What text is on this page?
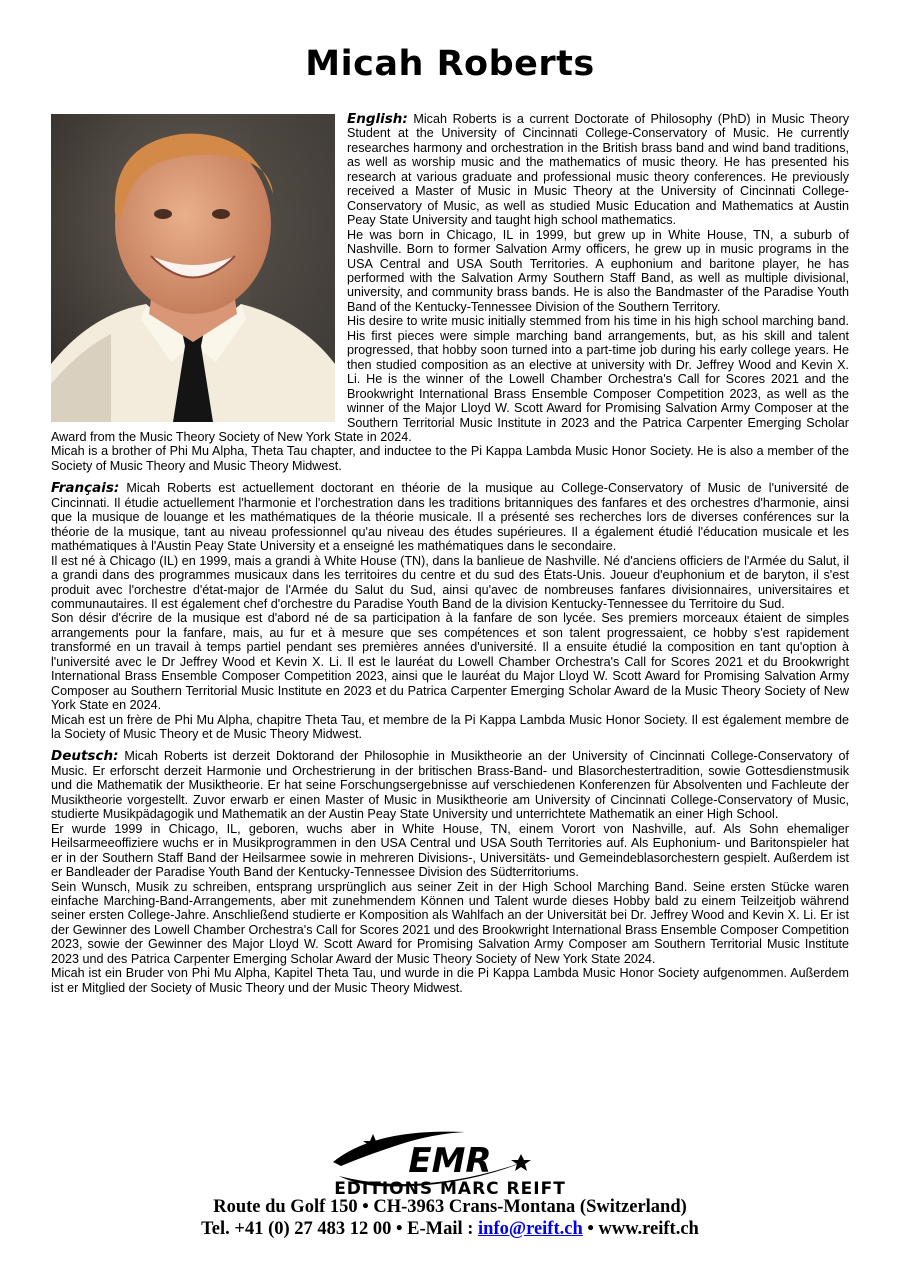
Micah Roberts

English: Micah Roberts is a current Doctorate of Philosophy (PhD) in Music Theory Student at the University of Cincinnati College-Conservatory of Music. He currently researches harmony and orchestration in the British brass band and wind band traditions, as well as worship music and the mathematics of music theory. He has presented his research at various graduate and professional music theory conferences. He previously received a Master of Music in Music Theory at the University of Cincinnati College-Conservatory of Music, as well as studied Music Education and Mathematics at Austin Peay State University and taught high school mathematics.

He was born in Chicago, IL in 1999, but grew up in White House, TN, a suburb of Nashville. Born to former Salvation Army officers, he grew up in music programs in the USA Central and USA South Territories. A euphonium and baritone player, he has performed with the Salvation Army Southern Staff Band, as well as multiple divisional, university, and community brass bands. He is also the Bandmaster of the Paradise Youth Band of the Kentucky-Tennessee Division of the Southern Territory.

His desire to write music initially stemmed from his time in his high school marching band. His first pieces were simple marching band arrangements, but, as his skill and talent progressed, that hobby soon turned into a part-time job during his early college years. He then studied composition as an elective at university with Dr. Jeffrey Wood and Kevin X. Li. He is the winner of the Lowell Chamber Orchestra's Call for Scores 2021 and the Brookwright International Brass Ensemble Composer Competition 2023, as well as the winner of the Major Lloyd W. Scott Award for Promising Salvation Army Composer at the Southern Territorial Music Institute in 2023 and the Patrica Carpenter Emerging Scholar Award from the Music Theory Society of New York State in 2024.

Micah is a brother of Phi Mu Alpha, Theta Tau chapter, and inductee to the Pi Kappa Lambda Music Honor Society. He is also a member of the Society of Music Theory and Music Theory Midwest.

Français: Micah Roberts est actuellement doctorant en théorie de la musique au College-Conservatory of Music de l'université de Cincinnati. Il étudie actuellement l'harmonie et l'orchestration dans les traditions britanniques des fanfares et des orchestres d'harmonie, ainsi que la musique de louange et les mathématiques de la théorie musicale. Il a présenté ses recherches lors de diverses conférences sur la théorie de la musique, tant au niveau professionnel qu'au niveau des études supérieures. Il a également étudié l'éducation musicale et les mathématiques à l'Austin Peay State University et a enseigné les mathématiques dans le secondaire.

Il est né à Chicago (IL) en 1999, mais a grandi à White House (TN), dans la banlieue de Nashville. Né d'anciens officiers de l'Armée du Salut, il a grandi dans des programmes musicaux dans les territoires du centre et du sud des États-Unis. Joueur d'euphonium et de baryton, il s'est produit avec l'orchestre d'état-major de l'Armée du Salut du Sud, ainsi qu'avec de nombreuses fanfares divisionnaires, universitaires et communautaires. Il est également chef d'orchestre du Paradise Youth Band de la division Kentucky-Tennessee du Territoire du Sud.

Son désir d'écrire de la musique est d'abord né de sa participation à la fanfare de son lycée. Ses premiers morceaux étaient de simples arrangements pour la fanfare, mais, au fur et à mesure que ses compétences et son talent progressaient, ce hobby s'est rapidement transformé en un travail à temps partiel pendant ses premières années d'université. Il a ensuite étudié la composition en tant qu'option à l'université avec le Dr Jeffrey Wood et Kevin X. Li. Il est le lauréat du Lowell Chamber Orchestra's Call for Scores 2021 et du Brookwright International Brass Ensemble Composer Competition 2023, ainsi que le lauréat du Major Lloyd W. Scott Award for Promising Salvation Army Composer au Southern Territorial Music Institute en 2023 et du Patrica Carpenter Emerging Scholar Award de la Music Theory Society of New York State en 2024.

Micah est un frère de Phi Mu Alpha, chapitre Theta Tau, et membre de la Pi Kappa Lambda Music Honor Society. Il est également membre de la Society of Music Theory et de Music Theory Midwest.

Deutsch: Micah Roberts ist derzeit Doktorand der Philosophie in Musiktheorie an der University of Cincinnati College-Conservatory of Music. Er erforscht derzeit Harmonie und Orchestrierung in der britischen Brass-Band- und Blasorchestertradition, sowie Gottesdienstmusik und die Mathematik der Musiktheorie. Er hat seine Forschungsergebnisse auf verschiedenen Konferenzen für Absolventen und Fachleute der Musiktheorie vorgestellt. Zuvor erwarb er einen Master of Music in Musiktheorie am University of Cincinnati College-Conservatory of Music, studierte Musikpädagogik und Mathematik an der Austin Peay State University und unterrichtete Mathematik an einer High School.

Er wurde 1999 in Chicago, IL, geboren, wuchs aber in White House, TN, einem Vorort von Nashville, auf. Als Sohn ehemaliger Heilsarmeeoffiziere wuchs er in Musikprogrammen in den USA Central und USA South Territories auf. Als Euphonium- und Baritonspieler hat er in der Southern Staff Band der Heilsarmee sowie in mehreren Divisions-, Universitäts- und Gemeindeblasorchestern gespielt. Außerdem ist er Bandleader der Paradise Youth Band der Kentucky-Tennessee Division des Südterritoriums.

Sein Wunsch, Musik zu schreiben, entsprang ursprünglich aus seiner Zeit in der High School Marching Band. Seine ersten Stücke waren einfache Marching-Band-Arrangements, aber mit zunehmendem Können und Talent wurde dieses Hobby bald zu einem Teilzeitjob während seiner ersten College-Jahre. Anschließend studierte er Komposition als Wahlfach an der Universität bei Dr. Jeffrey Wood and Kevin X. Li. Er ist der Gewinner des Lowell Chamber Orchestra's Call for Scores 2021 und des Brookwright International Brass Ensemble Composer Competition 2023, sowie der Gewinner des Major Lloyd W. Scott Award for Promising Salvation Army Composer am Southern Territorial Music Institute 2023 und des Patrica Carpenter Emerging Scholar Award der Music Theory Society of New York State 2024.

Micah ist ein Bruder von Phi Mu Alpha, Kapitel Theta Tau, und wurde in die Pi Kappa Lambda Music Honor Society aufgenommen. Außerdem ist er Mitglied der Society of Music Theory und der Music Theory Midwest.

EMR
EDITIONS MARC REIFT

Route du Golf 150 • CH-3963 Crans-Montana (Switzerland)

Tel. +41 (0) 27 483 12 00 • E-Mail : info@reift.ch • www.reift.ch
